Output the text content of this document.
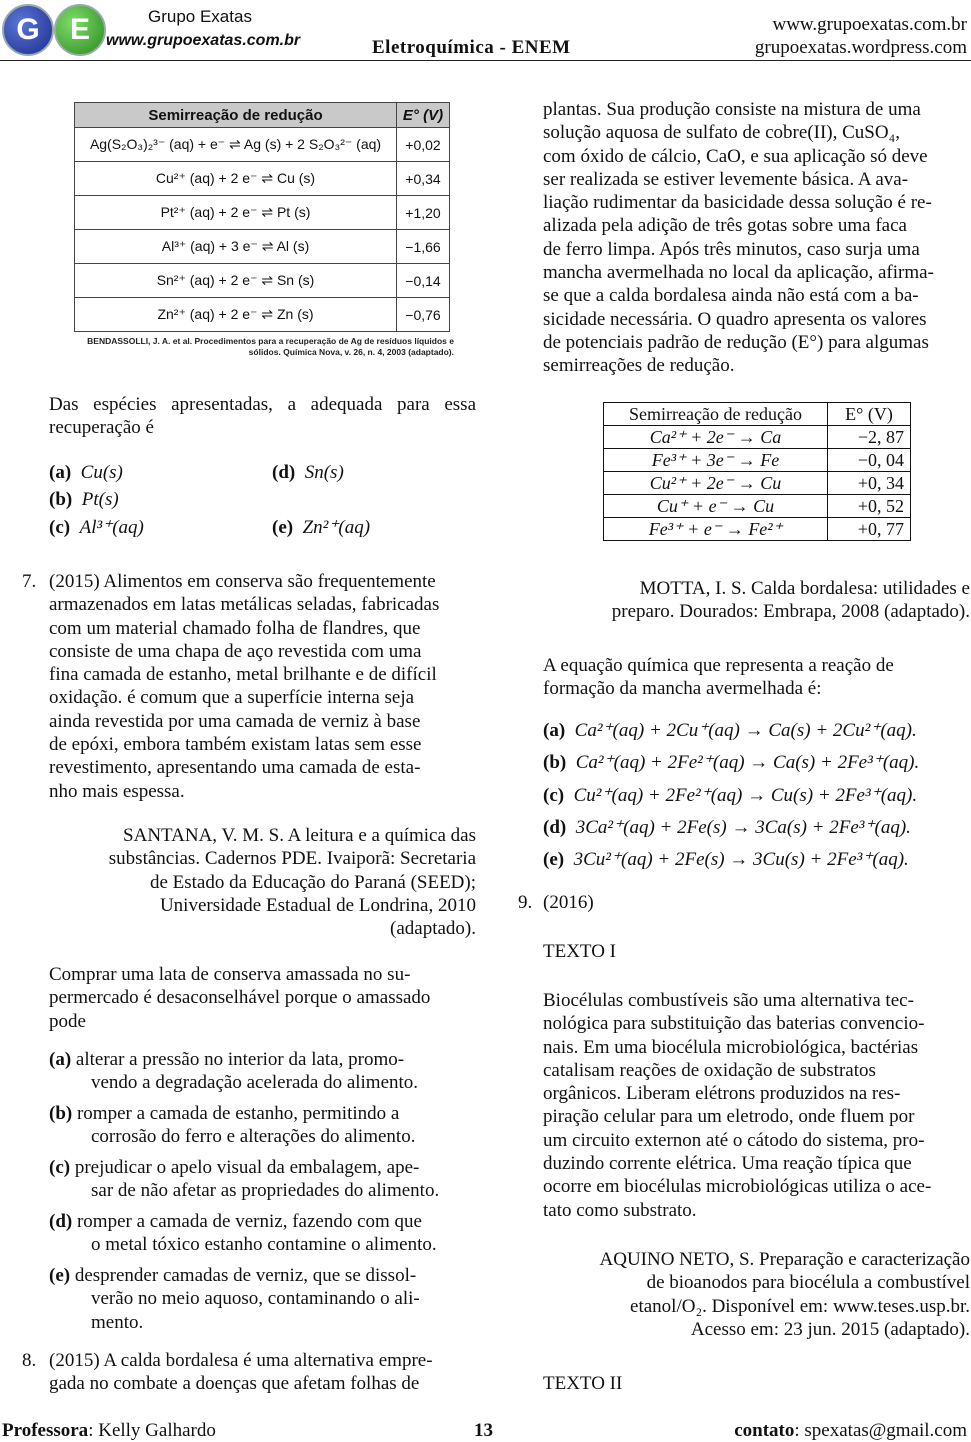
G	E	Grupo Exatas
www.grupoexatas.com.br	Eletroquímica - ENEM
www.grupoexatas.com.br
grupoexatas.wordpress.com
Semirreação de redução	E° (V)
Ag(S₂O₃)₂³⁻ (aq) + e⁻ ⇌ Ag (s) + 2 S₂O₃²⁻ (aq)	+0,02
Cu²⁺ (aq) + 2 e⁻ ⇌ Cu (s)	+0,34
Pt²⁺ (aq) + 2 e⁻ ⇌ Pt (s)	+1,20
Al³⁺ (aq) + 3 e⁻ ⇌ Al (s)	−1,66
Sn²⁺ (aq) + 2 e⁻ ⇌ Sn (s)	−0,14
Zn²⁺ (aq) + 2 e⁻ ⇌ Zn (s)	−0,76
BENDASSOLLI, J. A. et al. Procedimentos para a recuperação de Ag de resíduos líquidos e sólidos. Química Nova, v. 26, n. 4, 2003 (adaptado).
Das espécies apresentadas, a adequada para essa recuperação é
(a) Cu(s)
(b) Pt(s)
(c) Al³⁺(aq)
(d) Sn(s)
(e) Zn²⁺(aq)
7. (2015) Alimentos em conserva são frequentemente
armazenados em latas metálicas seladas, fabricadas
com um material chamado folha de flandres, que
consiste de uma chapa de aço revestida com uma
fina camada de estanho, metal brilhante e de difícil
oxidação. é comum que a superfície interna seja
ainda revestida por uma camada de verniz à base
de epóxi, embora também existam latas sem esse
revestimento, apresentando uma camada de esta-
nho mais espessa.
SANTANA, V. M. S. A leitura e a química das
substâncias. Cadernos PDE. Ivaiporã: Secretaria
de Estado da Educação do Paraná (SEED);
Universidade Estadual de Londrina, 2010
(adaptado).
Comprar uma lata de conserva amassada no su-
permercado é desaconselhável porque o amassado
pode
(a) alterar a pressão no interior da lata, promo-
vendo a degradação acelerada do alimento.
(b) romper a camada de estanho, permitindo a
corrosão do ferro e alterações do alimento.
(c) prejudicar o apelo visual da embalagem, ape-
sar de não afetar as propriedades do alimento.
(d) romper a camada de verniz, fazendo com que
o metal tóxico estanho contamine o alimento.
(e) desprender camadas de verniz, que se dissol-
verão no meio aquoso, contaminando o ali-
mento.
8. (2015) A calda bordalesa é uma alternativa empre-
gada no combate a doenças que afetam folhas de
plantas. Sua produção consiste na mistura de uma
solução aquosa de sulfato de cobre(II), CuSO₄,
com óxido de cálcio, CaO, e sua aplicação só deve
ser realizada se estiver levemente básica. A ava-
liação rudimentar da basicidade dessa solução é re-
alizada pela adição de três gotas sobre uma faca
de ferro limpa. Após três minutos, caso surja uma
mancha avermelhada no local da aplicação, afirma-
se que a calda bordalesa ainda não está com a ba-
sicidade necessária. O quadro apresenta os valores
de potenciais padrão de redução (E°) para algumas
semirreações de redução.
Semirreação de redução	E° (V)
Ca²⁺ + 2e⁻ → Ca	−2, 87
Fe³⁺ + 3e⁻ → Fe	−0, 04
Cu²⁺ + 2e⁻ → Cu	+0, 34
Cu⁺ + e⁻ → Cu	+0, 52
Fe³⁺ + e⁻ → Fe²⁺	+0, 77
MOTTA, I. S. Calda bordalesa: utilidades e
preparo. Dourados: Embrapa, 2008 (adaptado).
A equação química que representa a reação de
formação da mancha avermelhada é:
(a) Ca²⁺(aq) + 2Cu⁺(aq) → Ca(s) + 2Cu²⁺(aq).
(b) Ca²⁺(aq) + 2Fe²⁺(aq) → Ca(s) + 2Fe³⁺(aq).
(c) Cu²⁺(aq) + 2Fe²⁺(aq) → Cu(s) + 2Fe³⁺(aq).
(d) 3Ca²⁺(aq) + 2Fe(s) → 3Ca(s) + 2Fe³⁺(aq).
(e) 3Cu²⁺(aq) + 2Fe(s) → 3Cu(s) + 2Fe³⁺(aq).
9. (2016)
TEXTO I
Biocélulas combustíveis são uma alternativa tec-
nológica para substituição das baterias convencio-
nais. Em uma biocélula microbiológica, bactérias
catalisam reações de oxidação de substratos
orgânicos. Liberam elétrons produzidos na res-
piração celular para um eletrodo, onde fluem por
um circuito externon até o cátodo do sistema, pro-
duzindo corrente elétrica. Uma reação típica que
ocorre em biocélulas microbiológicas utiliza o ace-
tato como substrato.
AQUINO NETO, S. Preparação e caracterização
de bioanodos para biocélula a combustível
etanol/O₂. Disponível em: www.teses.usp.br.
Acesso em: 23 jun. 2015 (adaptado).
TEXTO II
Professora: Kelly Galhardo	13	contato: spexatas@gmail.com
